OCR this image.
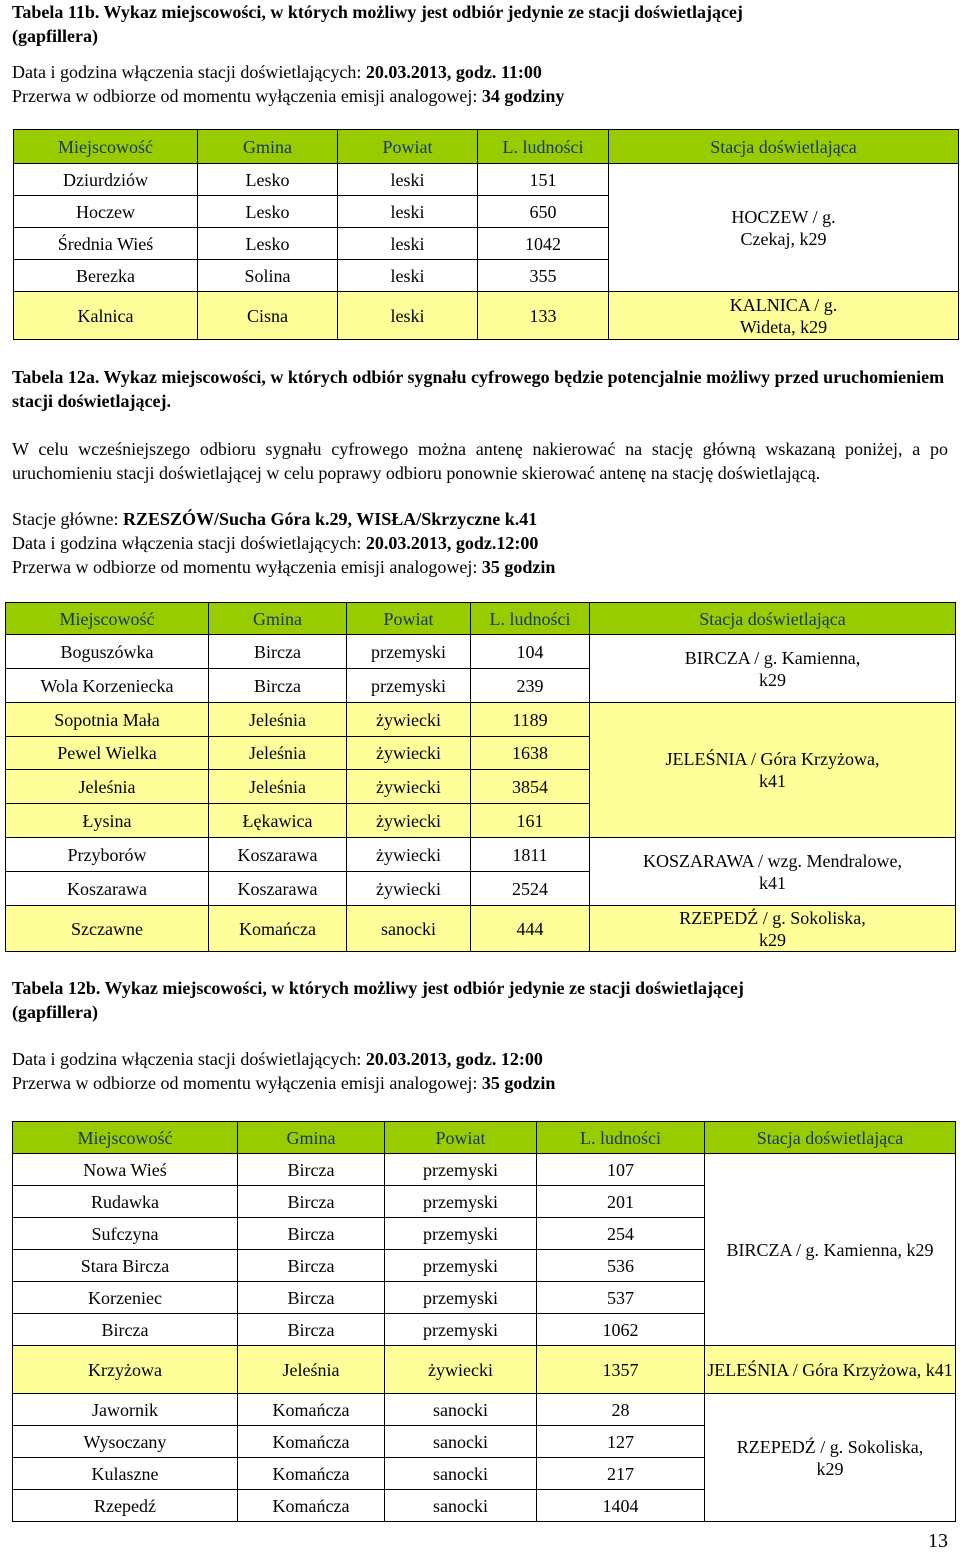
Tabela 11b. Wykaz miejscowości, w których możliwy jest odbiór jedynie ze stacji doświetlającej
(gapfillera)

Data i godzina włączenia stacji doświetlających: 20.03.2013, godz. 11:00

Przerwa w odbiorze od momentu wyłączenia emisji analogowej: 34 godziny

Miejscowość	Gmina	Powiat	L. ludności	Stacja doświetlająca
Dziurdziów	Lesko	leski	151	HOCZEW / g. Czekaj, k29
Hoczew	Lesko	leski	650	
Średnia Wieś	Lesko	leski	1042	
Berezka	Solina	leski	355	
Kalnica	Cisna	leski	133	KALNICA / g. Wideta, k29

Tabela 12a. Wykaz miejscowości, w których odbiór sygnału cyfrowego będzie potencjalnie możliwy przed uruchomieniem stacji doświetlającej.

W celu wcześniejszego odbioru sygnału cyfrowego można antenę nakierować na stację główną wskazaną poniżej, a po uruchomieniu stacji doświetlającej w celu poprawy odbioru ponownie skierować antenę na stację doświetlającą.

Stacje główne: RZESZÓW/Sucha Góra k.29, WISŁA/Skrzyczne k.41

Data i godzina włączenia stacji doświetlających: 20.03.2013, godz.12:00

Przerwa w odbiorze od momentu wyłączenia emisji analogowej: 35 godzin

Miejscowość	Gmina	Powiat	L. ludności	Stacja doświetlająca
Boguszówka	Bircza	przemyski	104	BIRCZA / g. Kamienna, k29
Wola Korzeniecka	Bircza	przemyski	239	
Sopotnia Mała	Jeleśnia	żywiecki	1189	JELEŚNIA / Góra Krzyżowa, k41
Pewel Wielka	Jeleśnia	żywiecki	1638	
Jeleśnia	Jeleśnia	żywiecki	3854	
Łysina	Łękawica	żywiecki	161	
Przyborów	Koszarawa	żywiecki	1811	KOSZARAWA / wzg. Mendralowe, k41
Koszarawa	Koszarawa	żywiecki	2524	
Szczawne	Komańcza	sanocki	444	RZEPEDŹ / g. Sokoliska, k29

Tabela 12b. Wykaz miejscowości, w których możliwy jest odbiór jedynie ze stacji doświetlającej
(gapfillera)

Data i godzina włączenia stacji doświetlających: 20.03.2013, godz. 12:00

Przerwa w odbiorze od momentu wyłączenia emisji analogowej: 35 godzin

Miejscowość	Gmina	Powiat	L. ludności	Stacja doświetlająca
Nowa Wieś	Bircza	przemyski	107	BIRCZA / g. Kamienna, k29
Rudawka	Bircza	przemyski	201	
Sufczyna	Bircza	przemyski	254	
Stara Bircza	Bircza	przemyski	536	
Korzeniec	Bircza	przemyski	537	
Bircza	Bircza	przemyski	1062	
Krzyżowa	Jeleśnia	żywiecki	1357	JELEŚNIA / Góra Krzyżowa, k41
Jawornik	Komańcza	sanocki	28	RZEPEDŹ / g. Sokoliska, k29
Wysoczany	Komańcza	sanocki	127	
Kulaszne	Komańcza	sanocki	217	
Rzepedź	Komańcza	sanocki	1404	
13
